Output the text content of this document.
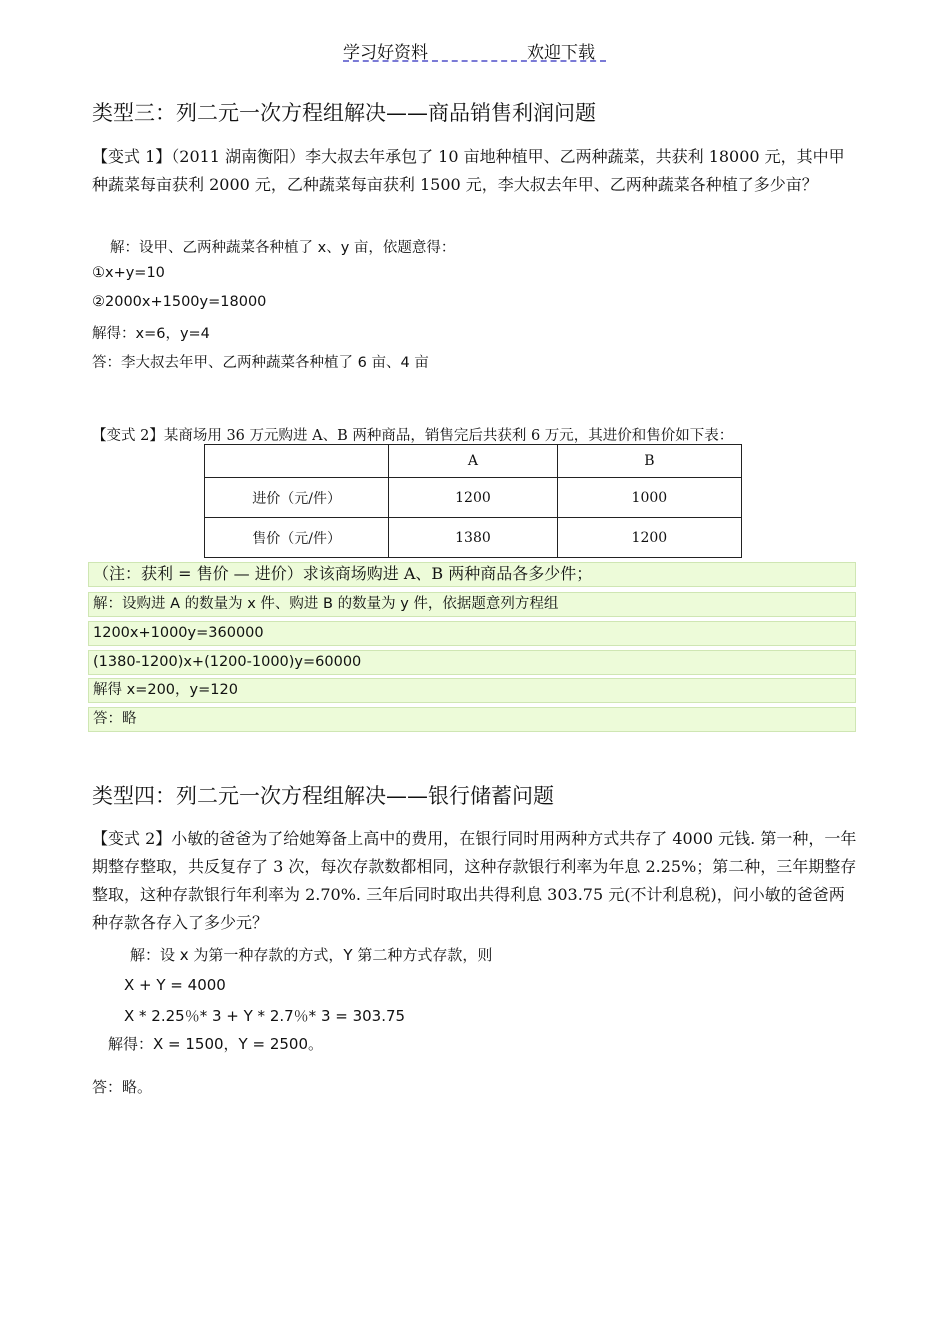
学习好资料	欢迎下载
类型三：列二元一次方程组解决——商品销售利润问题
【变式 1】（2011 湖南衡阳）李大叔去年承包了 10 亩地种植甲、乙两种蔬菜，共获利 18000 元，其中甲种蔬菜每亩获利 2000 元，乙种蔬菜每亩获利 1500 元，李大叔去年甲、乙两种蔬菜各种植了多少亩？
解：设甲、乙两种蔬菜各种植了 x、y 亩，依题意得：
①x+y=10
②2000x+1500y=18000
解得：x=6，y=4
答：李大叔去年甲、乙两种蔬菜各种植了 6 亩、4 亩
【变式 2】某商场用 36 万元购进 A、B 两种商品，销售完后共获利 6 万元，其进价和售价如下表：
	A	B
进价（元/件）	1200	1000
售价（元/件）	1380	1200
（注：获利 = 售价 — 进价）求该商场购进 A、B 两种商品各多少件；
解：设购进 A 的数量为 x 件、购进 B 的数量为 y 件，依据题意列方程组
1200x+1000y=360000
(1380-1200)x+(1200-1000)y=60000
解得 x=200，y=120
答：略
类型四：列二元一次方程组解决——银行储蓄问题
【变式 2】小敏的爸爸为了给她筹备上高中的费用，在银行同时用两种方式共存了 4000 元钱. 第一种，一年期整存整取，共反复存了 3 次，每次存款数都相同，这种存款银行利率为年息 2.25%；第二种，三年期整存整取，这种存款银行年利率为 2.70%. 三年后同时取出共得利息 303.75 元(不计利息税)，问小敏的爸爸两种存款各存入了多少元？
解：设 x 为第一种存款的方式，Y 第二种方式存款，则
X + Y = 4000
X * 2.25％* 3 + Y * 2.7％* 3 = 303.75
解得：X = 1500，Y = 2500。
答：略。
